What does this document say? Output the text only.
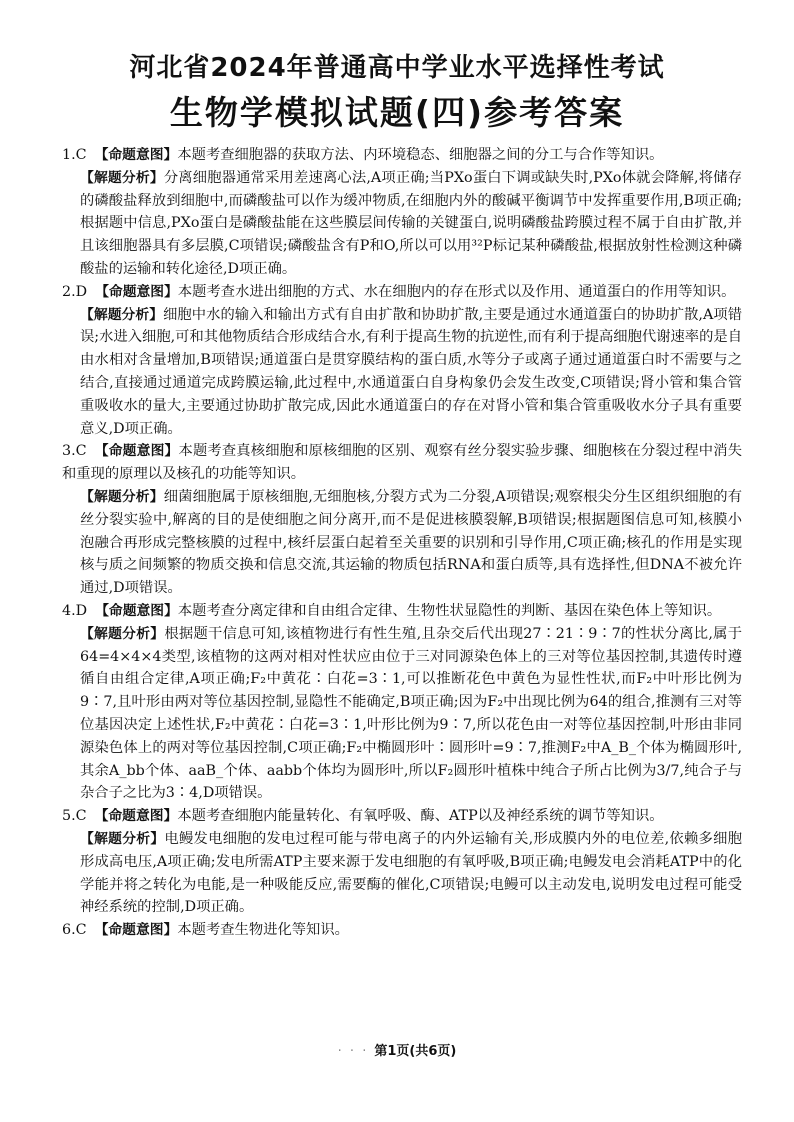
河北省2024年普通高中学业水平选择性考试
生物学模拟试题(四)参考答案
1.C 【命题意图】本题考查细胞器的获取方法、内环境稳态、细胞器之间的分工与合作等知识。
【解题分析】分离细胞器通常采用差速离心法,A项正确;当PXo蛋白下调或缺失时,PXo体就会降解,将储存的磷酸盐释放到细胞中,而磷酸盐可以作为缓冲物质,在细胞内外的酸碱平衡调节中发挥重要作用,B项正确;根据题中信息,PXo蛋白是磷酸盐能在这些膜层间传输的关键蛋白,说明磷酸盐跨膜过程不属于自由扩散,并且该细胞器具有多层膜,C项错误;磷酸盐含有P和O,所以可以用³²P标记某种磷酸盐,根据放射性检测这种磷酸盐的运输和转化途径,D项正确。
2.D 【命题意图】本题考查水进出细胞的方式、水在细胞内的存在形式以及作用、通道蛋白的作用等知识。
【解题分析】细胞中水的输入和输出方式有自由扩散和协助扩散,主要是通过水通道蛋白的协助扩散,A项错误;水进入细胞,可和其他物质结合形成结合水,有利于提高生物的抗逆性,而有利于提高细胞代谢速率的是自由水相对含量增加,B项错误;通道蛋白是贯穿膜结构的蛋白质,水等分子或离子通过通道蛋白时不需要与之结合,直接通过通道完成跨膜运输,此过程中,水通道蛋白自身构象仍会发生改变,C项错误;肾小管和集合管重吸收水的量大,主要通过协助扩散完成,因此水通道蛋白的存在对肾小管和集合管重吸收水分子具有重要意义,D项正确。
3.C 【命题意图】本题考查真核细胞和原核细胞的区别、观察有丝分裂实验步骤、细胞核在分裂过程中消失和重现的原理以及核孔的功能等知识。
【解题分析】细菌细胞属于原核细胞,无细胞核,分裂方式为二分裂,A项错误;观察根尖分生区组织细胞的有丝分裂实验中,解离的目的是使细胞之间分离开,而不是促进核膜裂解,B项错误;根据题图信息可知,核膜小泡融合再形成完整核膜的过程中,核纤层蛋白起着至关重要的识别和引导作用,C项正确;核孔的作用是实现核与质之间频繁的物质交换和信息交流,其运输的物质包括RNA和蛋白质等,具有选择性,但DNA不被允许通过,D项错误。
4.D 【命题意图】本题考查分离定律和自由组合定律、生物性状显隐性的判断、基因在染色体上等知识。
【解题分析】根据题干信息可知,该植物进行有性生殖,且杂交后代出现27∶21∶9∶7的性状分离比,属于64=4×4×4类型,该植物的这两对相对性状应由位于三对同源染色体上的三对等位基因控制,其遗传时遵循自由组合定律,A项正确;F₂中黄花∶白花=3∶1,可以推断花色中黄色为显性性状,而F₂中叶形比例为9∶7,且叶形由两对等位基因控制,显隐性不能确定,B项正确;因为F₂中出现比例为64的组合,推测有三对等位基因决定上述性状,F₂中黄花∶白花=3∶1,叶形比例为9∶7,所以花色由一对等位基因控制,叶形由非同源染色体上的两对等位基因控制,C项正确;F₂中椭圆形叶∶圆形叶=9∶7,推测F₂中A_B_个体为椭圆形叶,其余A_bb个体、aaB_个体、aabb个体均为圆形叶,所以F₂圆形叶植株中纯合子所占比例为3/7,纯合子与杂合子之比为3∶4,D项错误。
5.C 【命题意图】本题考查细胞内能量转化、有氧呼吸、酶、ATP以及神经系统的调节等知识。
【解题分析】电鳗发电细胞的发电过程可能与带电离子的内外运输有关,形成膜内外的电位差,依赖多细胞形成高电压,A项正确;发电所需ATP主要来源于发电细胞的有氧呼吸,B项正确;电鳗发电会消耗ATP中的化学能并将之转化为电能,是一种吸能反应,需要酶的催化,C项错误;电鳗可以主动发电,说明发电过程可能受神经系统的控制,D项正确。
6.C 【命题意图】本题考查生物进化等知识。
· · · 第1页(共6页)
